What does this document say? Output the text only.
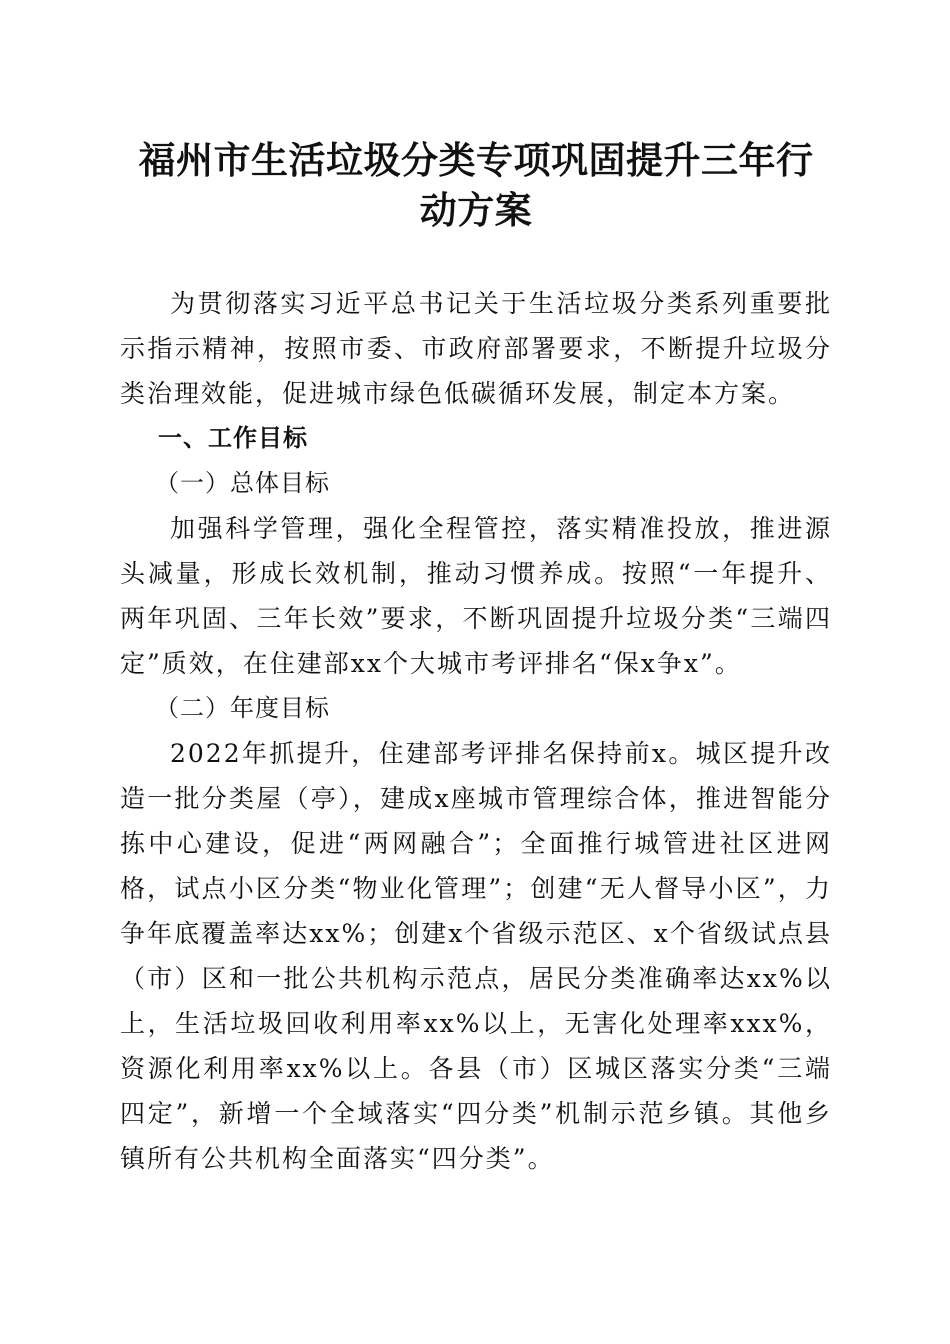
福州市生活垃圾分类专项巩固提升三年行动方案

为贯彻落实习近平总书记关于生活垃圾分类系列重要批示指示精神，按照市委、市政府部署要求，不断提升垃圾分类治理效能，促进城市绿色低碳循环发展，制定本方案。

一、工作目标

（一）总体目标

加强科学管理，强化全程管控，落实精准投放，推进源头减量，形成长效机制，推动习惯养成。按照“一年提升、两年巩固、三年长效”要求，不断巩固提升垃圾分类“三端四定”质效，在住建部xx个大城市考评排名“保x争x”。

（二）年度目标

2022年抓提升，住建部考评排名保持前x。城区提升改造一批分类屋（亭），建成x座城市管理综合体，推进智能分拣中心建设，促进“两网融合”；全面推行城管进社区进网格，试点小区分类“物业化管理”；创建“无人督导小区”，力争年底覆盖率达xx%；创建x个省级示范区、x个省级试点县（市）区和一批公共机构示范点，居民分类准确率达xx%以上，生活垃圾回收利用率xx%以上，无害化处理率xxx%，资源化利用率xx%以上。各县（市）区城区落实分类“三端四定”，新增一个全域落实“四分类”机制示范乡镇。其他乡镇所有公共机构全面落实“四分类”。
